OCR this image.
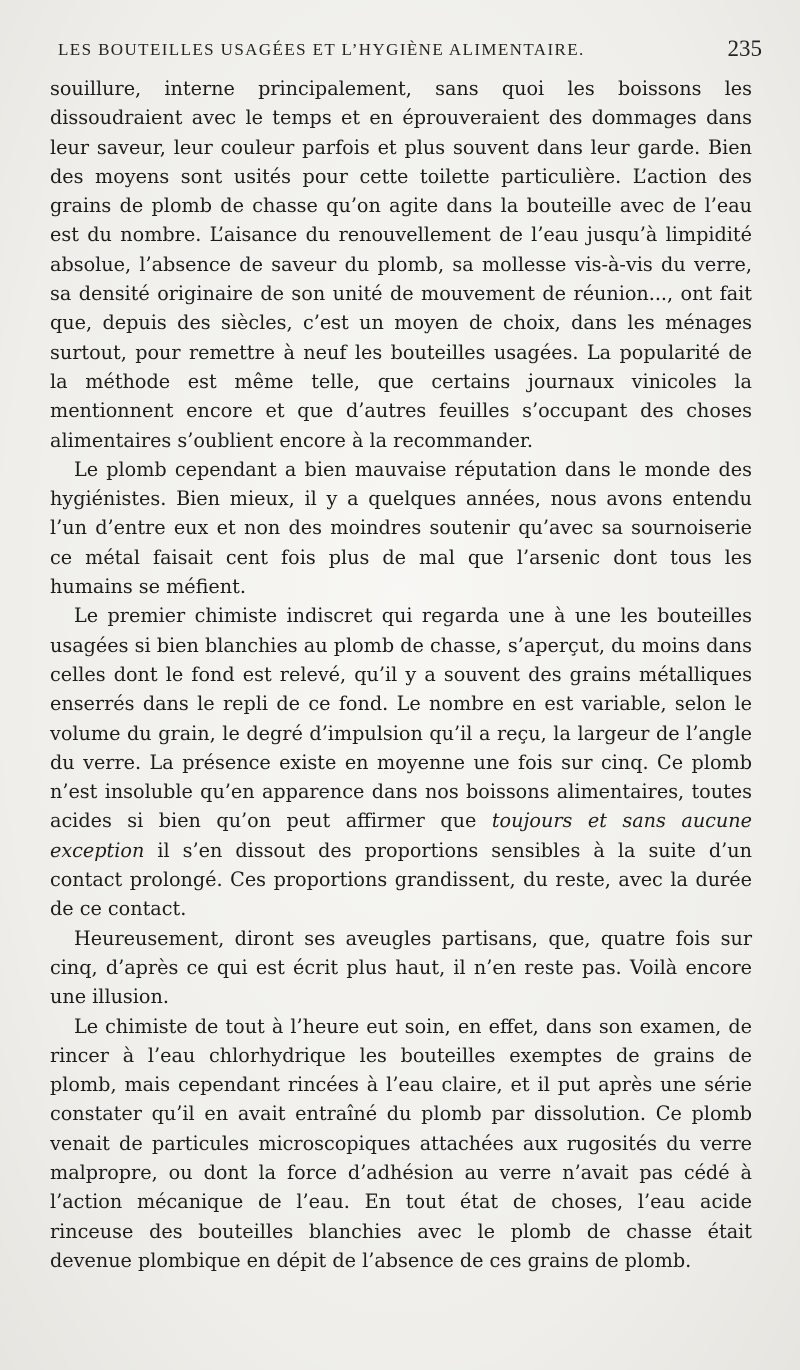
LES BOUTEILLES USAGÉES ET L’HYGIÈNE ALIMENTAIRE.	235

souillure, interne principalement, sans quoi les boissons les dissoudraient avec le temps et en éprouveraient des dommages dans leur saveur, leur couleur parfois et plus souvent dans leur garde. Bien des moyens sont usités pour cette toilette particulière. L’action des grains de plomb de chasse qu’on agite dans la bouteille avec de l’eau est du nombre. L’aisance du renouvellement de l’eau jusqu’à limpidité absolue, l’absence de saveur du plomb, sa mollesse vis-à-vis du verre, sa densité originaire de son unité de mouvement de réunion..., ont fait que, depuis des siècles, c’est un moyen de choix, dans les ménages surtout, pour remettre à neuf les bouteilles usagées. La popularité de la méthode est même telle, que certains journaux vinicoles la mentionnent encore et que d’autres feuilles s’occupant des choses alimentaires s’oublient encore à la recommander.

Le plomb cependant a bien mauvaise réputation dans le monde des hygiénistes. Bien mieux, il y a quelques années, nous avons entendu l’un d’entre eux et non des moindres soutenir qu’avec sa sournoiserie ce métal faisait cent fois plus de mal que l’arsenic dont tous les humains se méfient.

Le premier chimiste indiscret qui regarda une à une les bouteilles usagées si bien blanchies au plomb de chasse, s’aperçut, du moins dans celles dont le fond est relevé, qu’il y a souvent des grains métalliques enserrés dans le repli de ce fond. Le nombre en est variable, selon le volume du grain, le degré d’impulsion qu’il a reçu, la largeur de l’angle du verre. La présence existe en moyenne une fois sur cinq. Ce plomb n’est insoluble qu’en apparence dans nos boissons alimentaires, toutes acides si bien qu’on peut affirmer que toujours et sans aucune exception il s’en dissout des proportions sensibles à la suite d’un contact prolongé. Ces proportions grandissent, du reste, avec la durée de ce contact.

Heureusement, diront ses aveugles partisans, que, quatre fois sur cinq, d’après ce qui est écrit plus haut, il n’en reste pas. Voilà encore une illusion.

Le chimiste de tout à l’heure eut soin, en effet, dans son examen, de rincer à l’eau chlorhydrique les bouteilles exemptes de grains de plomb, mais cependant rincées à l’eau claire, et il put après une série constater qu’il en avait entraîné du plomb par dissolution. Ce plomb venait de particules microscopiques attachées aux rugosités du verre malpropre, ou dont la force d’adhésion au verre n’avait pas cédé à l’action mécanique de l’eau. En tout état de choses, l’eau acide rinceuse des bouteilles blanchies avec le plomb de chasse était devenue plombique en dépit de l’absence de ces grains de plomb.
